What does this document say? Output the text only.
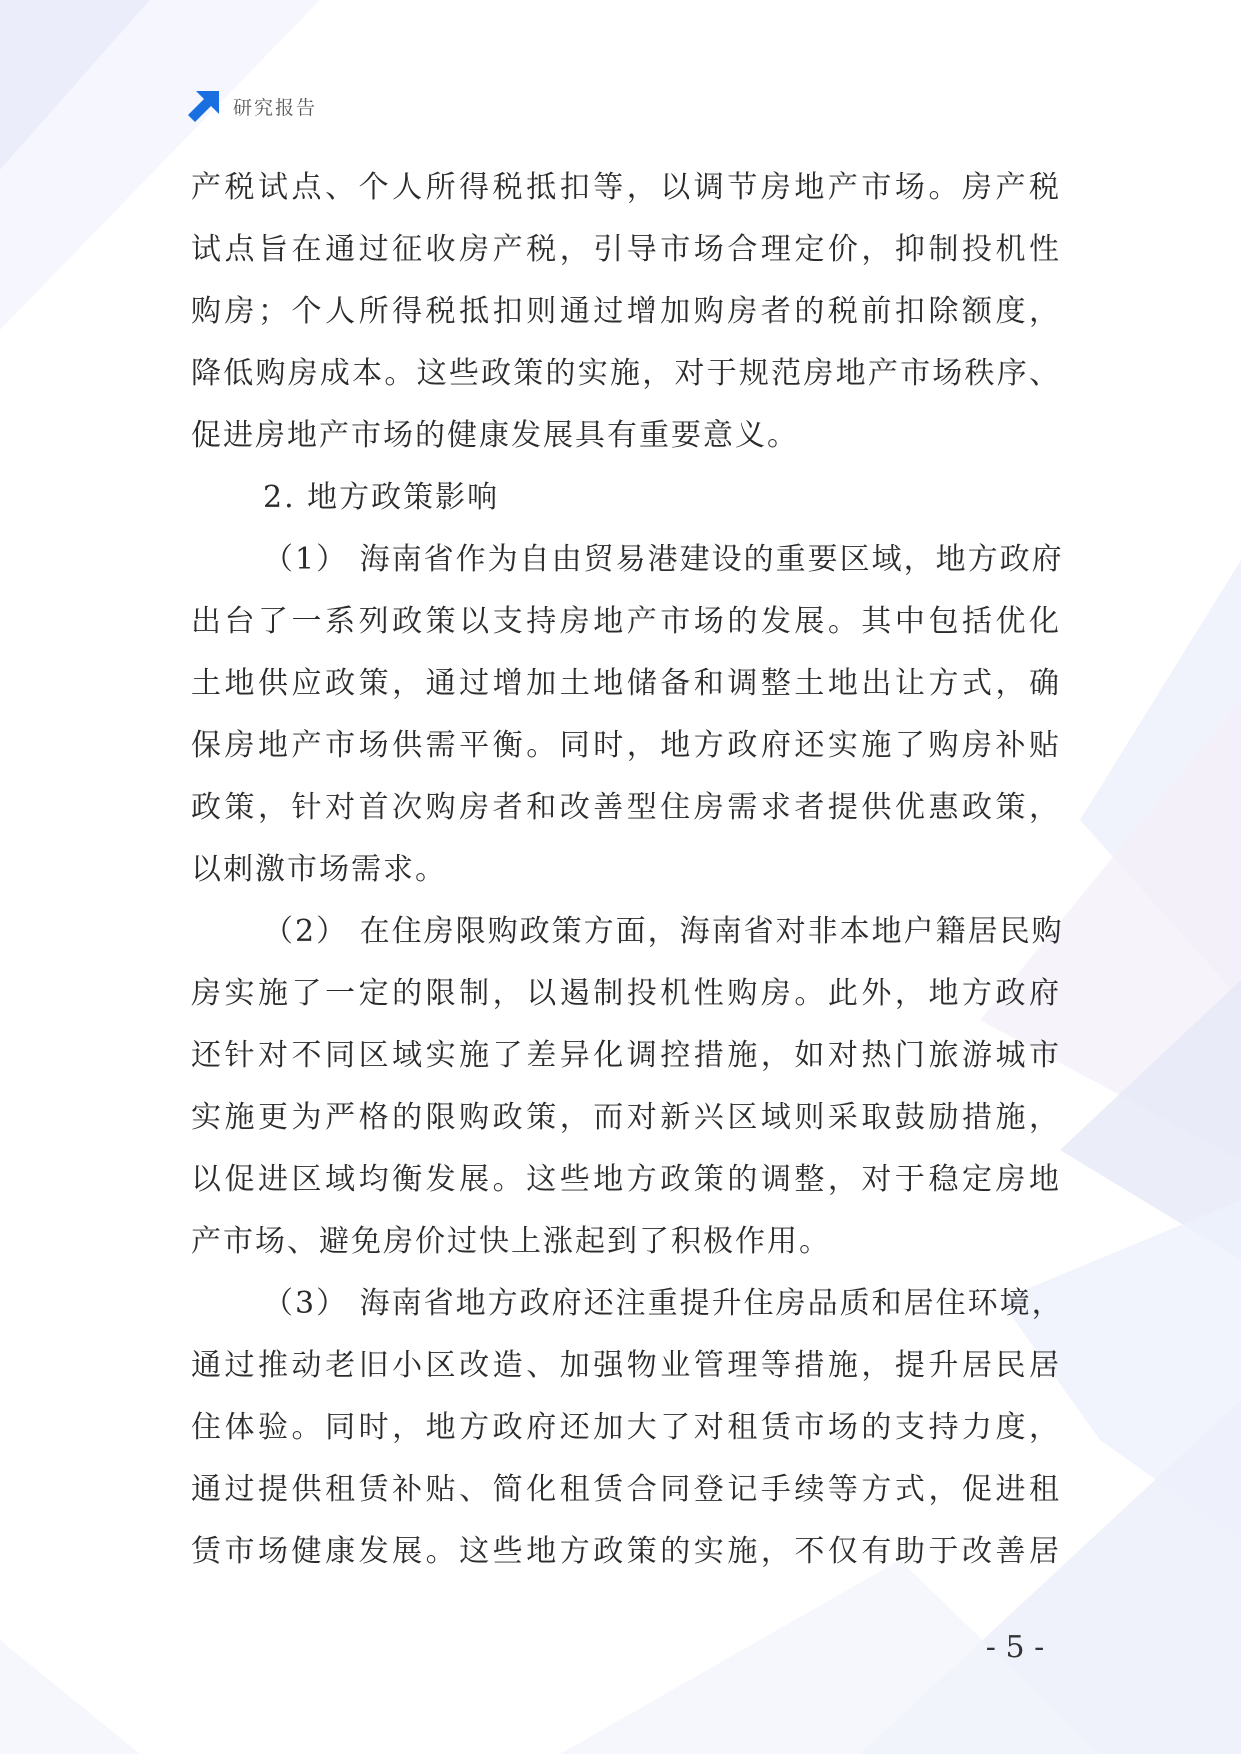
研究报告
产税试点、个人所得税抵扣等，以调节房地产市场。房产税
试点旨在通过征收房产税，引导市场合理定价，抑制投机性
购房；个人所得税抵扣则通过增加购房者的税前扣除额度，
降低购房成本。这些政策的实施，对于规范房地产市场秩序、
促进房地产市场的健康发展具有重要意义。
2. 地方政策影响
（1） 海南省作为自由贸易港建设的重要区域，地方政府
出台了一系列政策以支持房地产市场的发展。其中包括优化
土地供应政策，通过增加土地储备和调整土地出让方式，确
保房地产市场供需平衡。同时，地方政府还实施了购房补贴
政策，针对首次购房者和改善型住房需求者提供优惠政策，
以刺激市场需求。
（2） 在住房限购政策方面，海南省对非本地户籍居民购
房实施了一定的限制，以遏制投机性购房。此外，地方政府
还针对不同区域实施了差异化调控措施，如对热门旅游城市
实施更为严格的限购政策，而对新兴区域则采取鼓励措施，
以促进区域均衡发展。这些地方政策的调整，对于稳定房地
产市场、避免房价过快上涨起到了积极作用。
（3） 海南省地方政府还注重提升住房品质和居住环境，
通过推动老旧小区改造、加强物业管理等措施，提升居民居
住体验。同时，地方政府还加大了对租赁市场的支持力度，
通过提供租赁补贴、简化租赁合同登记手续等方式，促进租
赁市场健康发展。这些地方政策的实施，不仅有助于改善居
- 5 -
